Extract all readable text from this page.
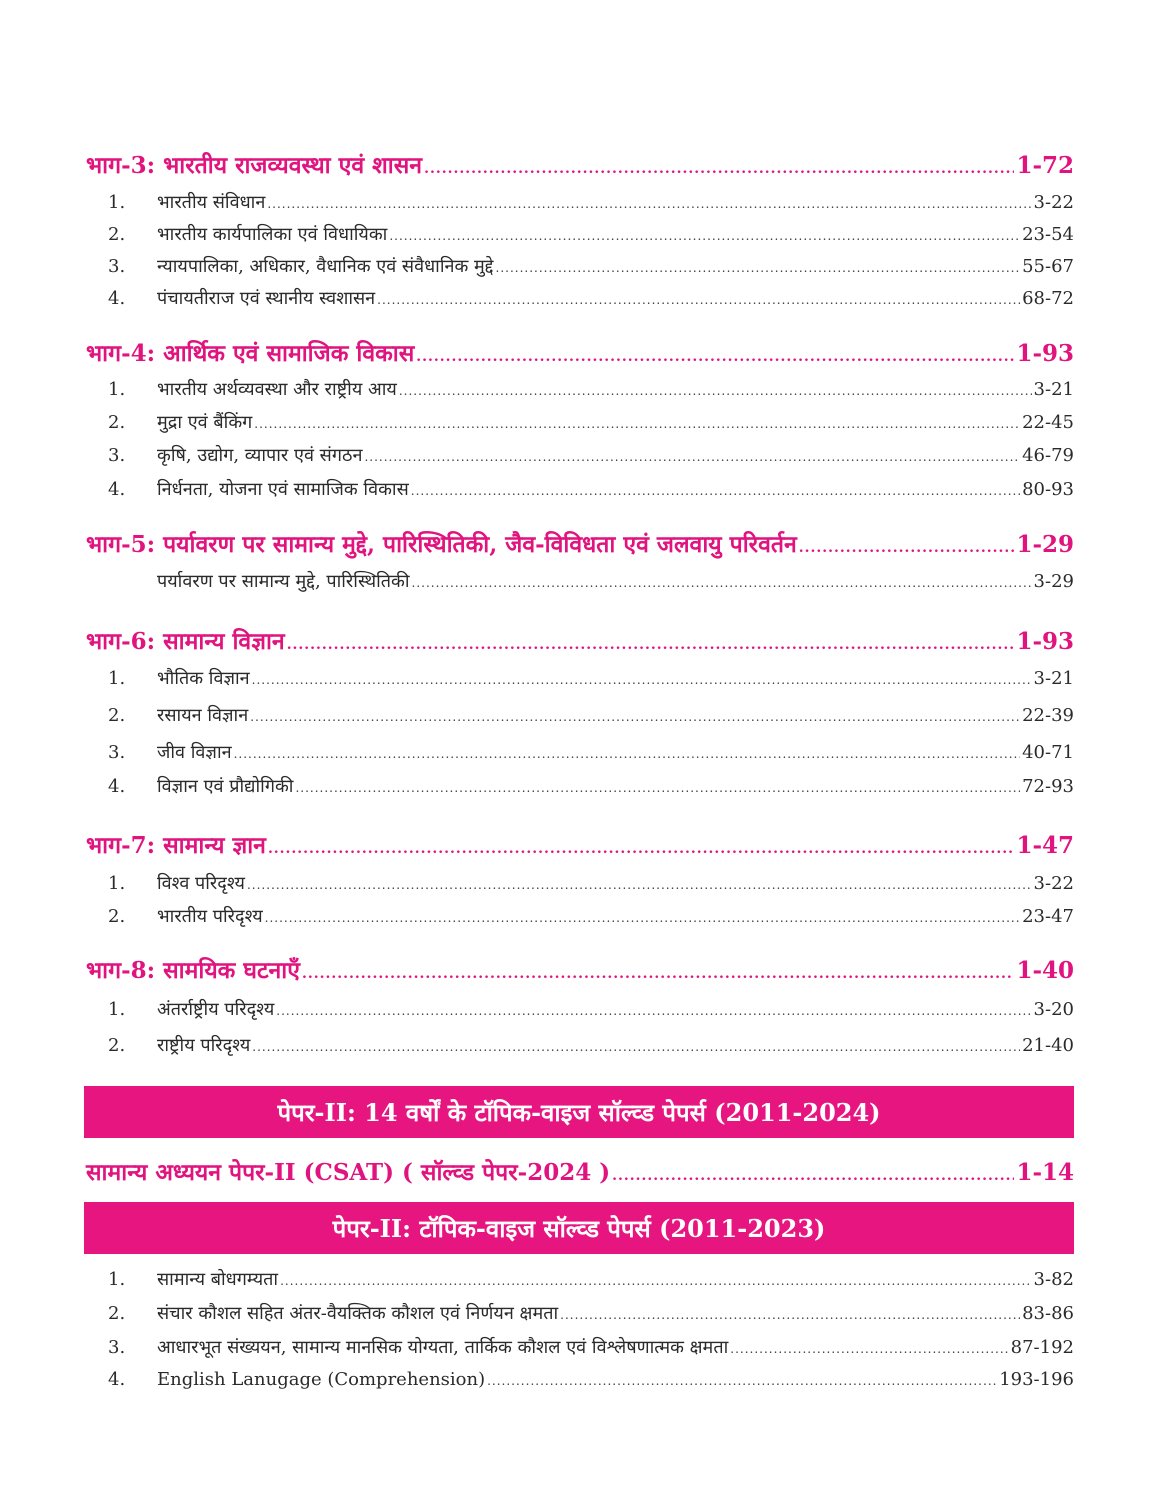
भाग-3: भारतीय राजव्यवस्था एवं शासन .....	1-72
1.	भारतीय संविधान .....	3-22
2.	भारतीय कार्यपालिका एवं विधायिका .....	23-54
3.	न्यायपालिका, अधिकार, वैधानिक एवं संवैधानिक मुद्दे .....	55-67
4.	पंचायतीराज एवं स्थानीय स्वशासन .....	68-72
भाग-4: आर्थिक एवं सामाजिक विकास .....	1-93
1.	भारतीय अर्थव्यवस्था और राष्ट्रीय आय .....	3-21
2.	मुद्रा एवं बैंकिंग .....	22-45
3.	कृषि, उद्योग, व्यापार एवं संगठन .....	46-79
4.	निर्धनता, योजना एवं सामाजिक विकास .....	80-93
भाग-5: पर्यावरण पर सामान्य मुद्दे, पारिस्थितिकी, जैव-विविधता एवं जलवायु परिवर्तन .....	1-29
पर्यावरण पर सामान्य मुद्दे, पारिस्थितिकी .....	3-29
भाग-6: सामान्य विज्ञान .....	1-93
1.	भौतिक विज्ञान .....	3-21
2.	रसायन विज्ञान .....	22-39
3.	जीव विज्ञान .....	40-71
4.	विज्ञान एवं प्रौद्योगिकी .....	72-93
भाग-7: सामान्य ज्ञान .....	1-47
1.	विश्व परिदृश्य .....	3-22
2.	भारतीय परिदृश्य .....	23-47
भाग-8: सामयिक घटनाएँ .....	1-40
1.	अंतर्राष्ट्रीय परिदृश्य .....	3-20
2.	राष्ट्रीय परिदृश्य .....	21-40
पेपर-II: 14 वर्षों के टॉपिक-वाइज सॉल्व्ड पेपर्स (2011-2024)
सामान्य अध्ययन पेपर-II (CSAT) ( सॉल्व्ड पेपर-2024 ) .....	1-14
पेपर-II: टॉपिक-वाइज सॉल्व्ड पेपर्स (2011-2023)
1.	सामान्य बोधगम्यता .....	3-82
2.	संचार कौशल सहित अंतर-वैयक्तिक कौशल एवं निर्णयन क्षमता .....	83-86
3.	आधारभूत संख्ययन, सामान्य मानसिक योग्यता, तार्किक कौशल एवं विश्लेषणात्मक क्षमता .....	87-192
4.	English Lanugage (Comprehension) .....	193-196
